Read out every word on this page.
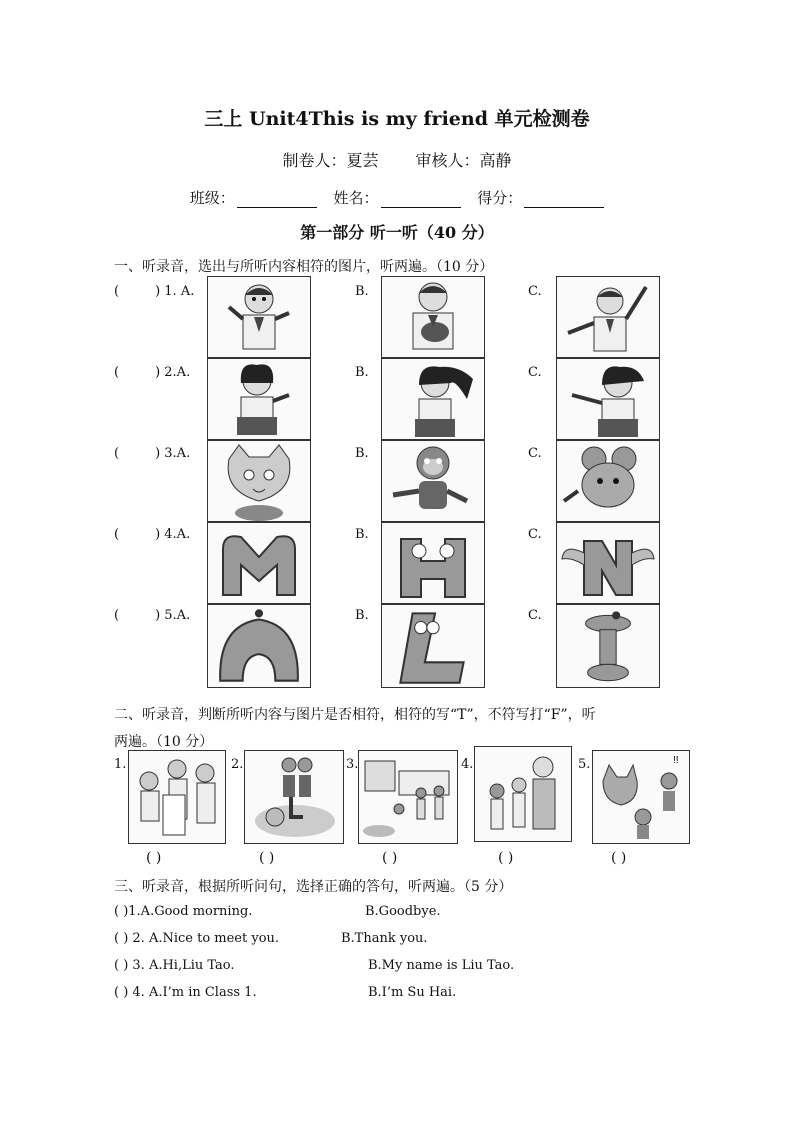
三上 Unit4This is my friend 单元检测卷
制卷人：夏芸 审核人：高静
班级：	姓名：	得分：
第一部分 听一听（40 分）
一、听录音，选出与所听内容相符的图片，听两遍。（10 分）
(	) 1. A.	B.	C.
(	) 2.A.	B.	C.
(	) 3.A.	B.	C.
(	) 4.A.	B.	C.
(	) 5.A.	B.	C.
二、听录音，判断所听内容与图片是否相符，相符的写“T”，不符写打“F”，听
两遍。（10 分）
1.	2.	3.	4.	5.	!!
( )	( )	( )	( )	( )
三、听录音，根据所听问句，选择正确的答句，听两遍。（5 分）
( )1.A.Good morning.	B.Goodbye.
( ) 2. A.Nice to meet you.	B.Thank you.
( ) 3. A.Hi,Liu Tao.	B.My name is Liu Tao.
( ) 4. A.I’m in Class 1.	B.I’m Su Hai.
